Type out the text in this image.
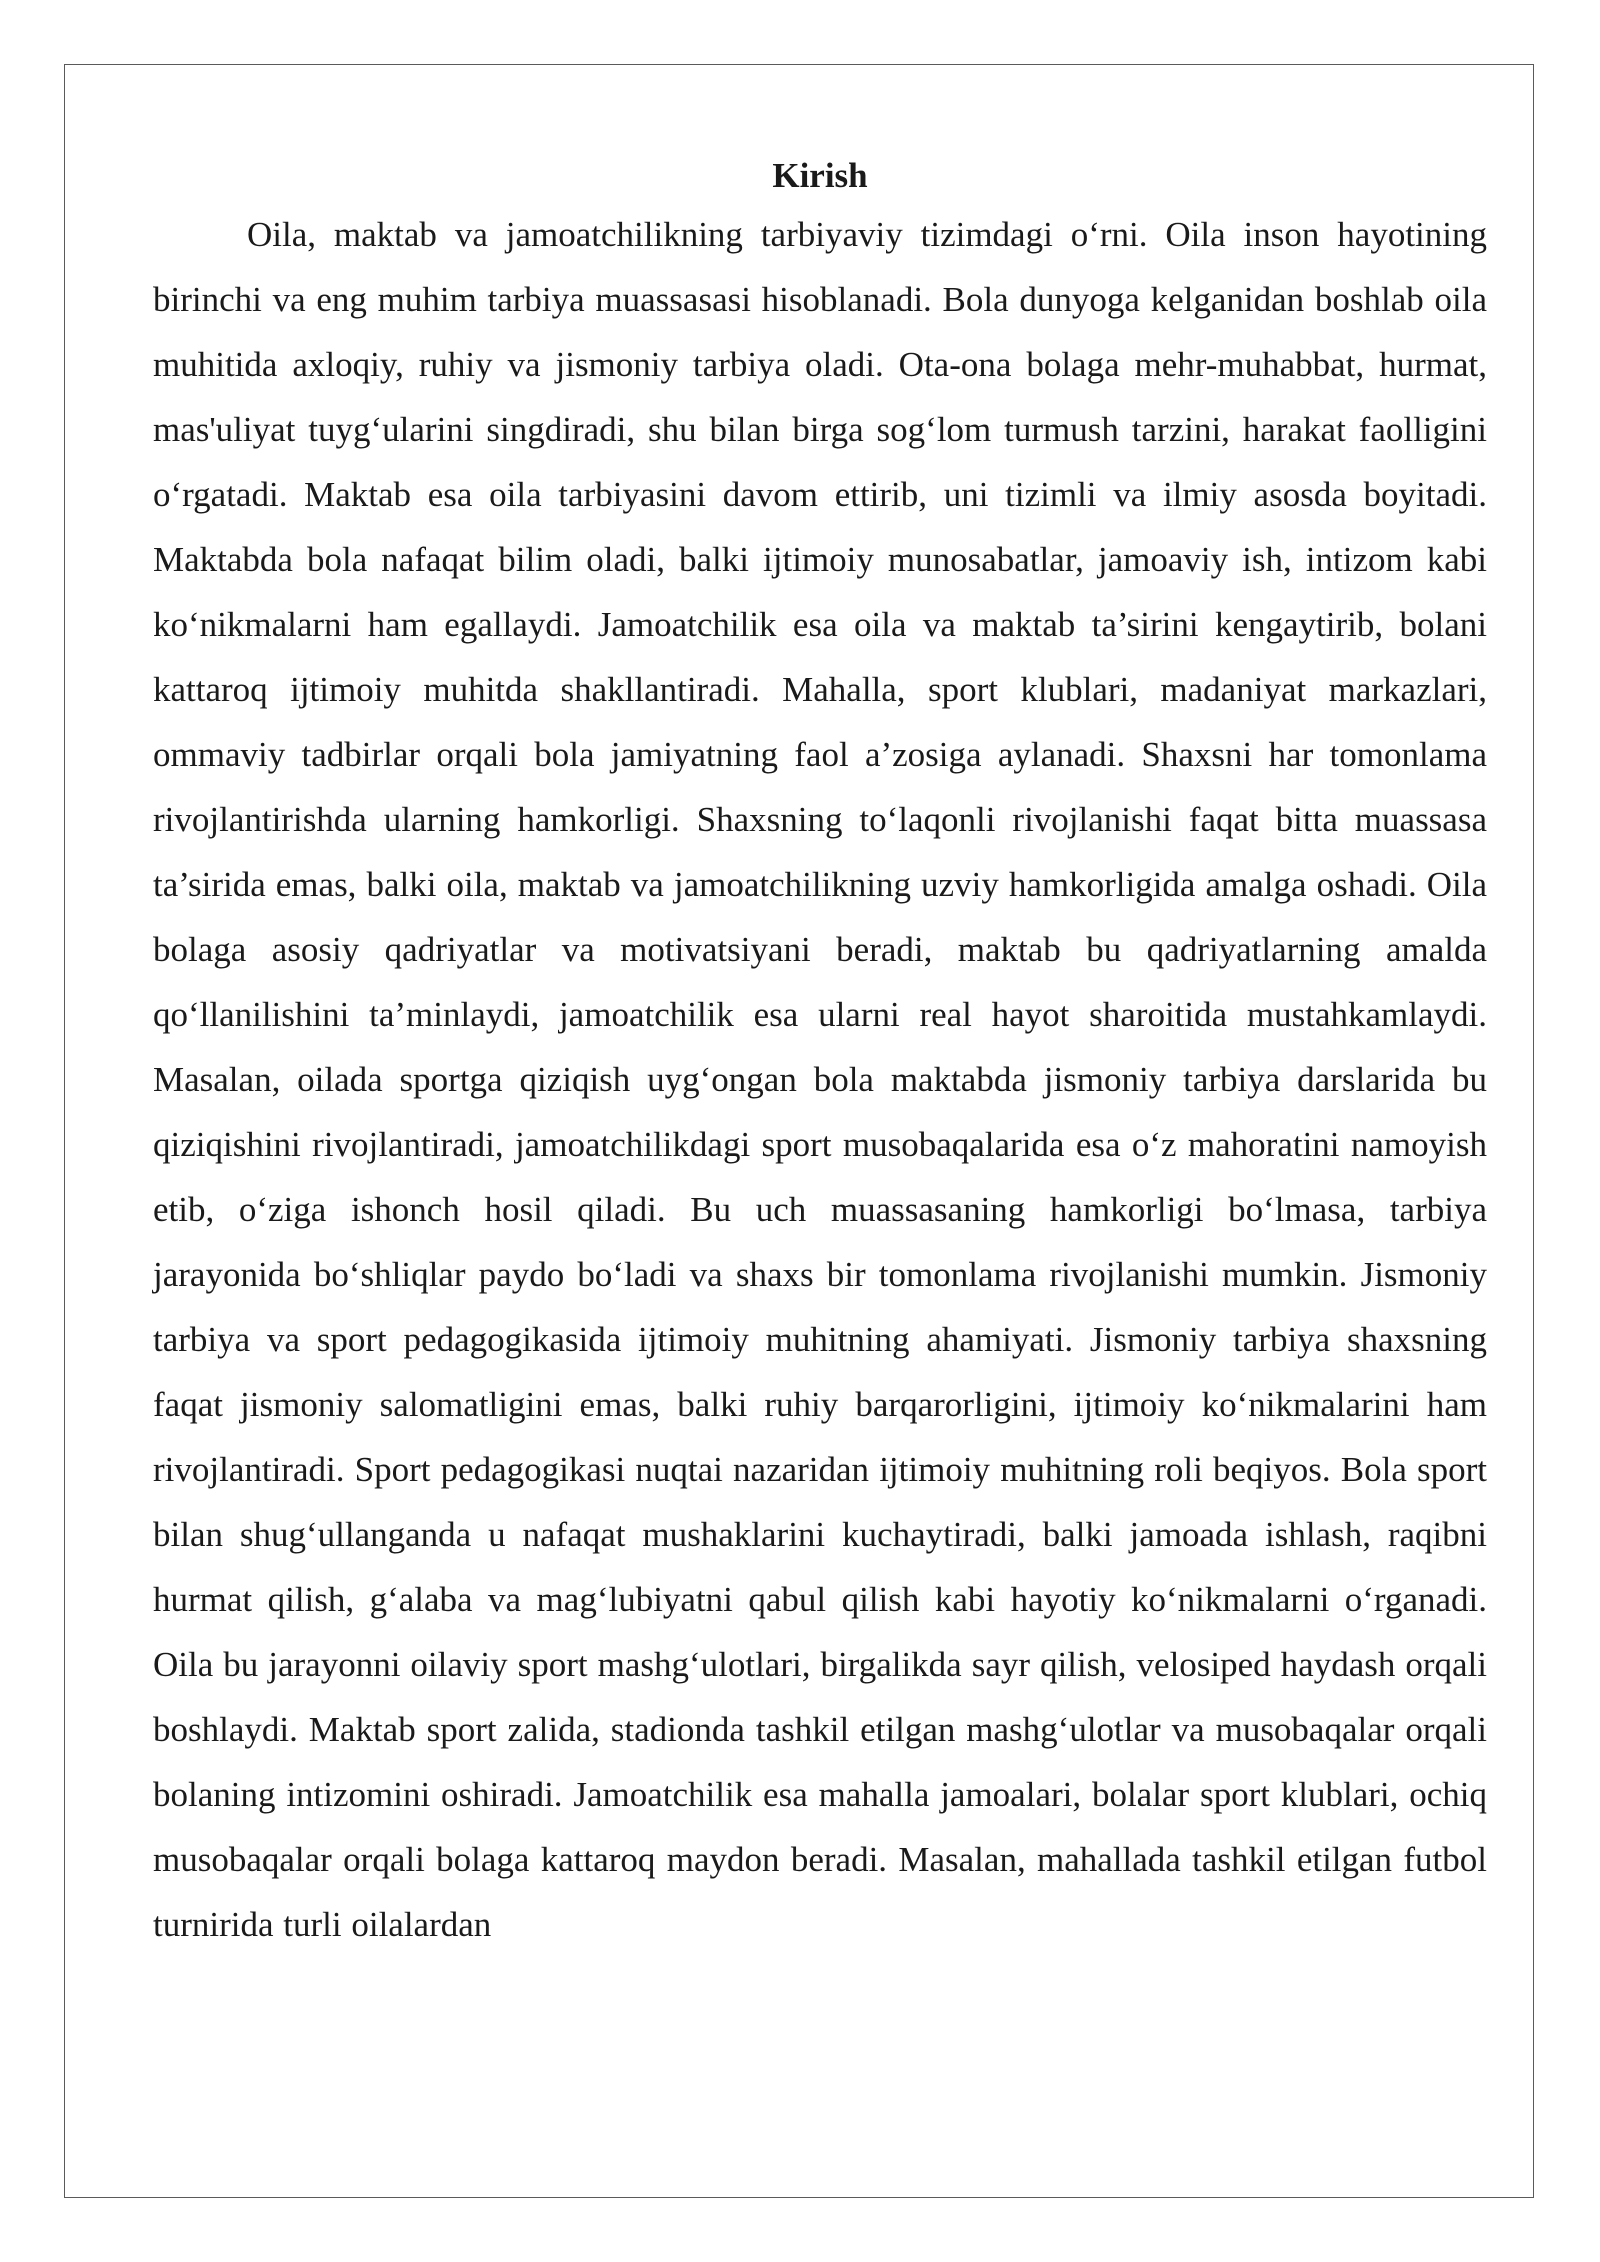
Kirish

Oila, maktab va jamoatchilikning tarbiyaviy tizimdagi o‘rni. Oila inson hayotining birinchi va eng muhim tarbiya muassasasi hisoblanadi. Bola dunyoga kelganidan boshlab oila muhitida axloqiy, ruhiy va jismoniy tarbiya oladi. Ota-ona bolaga mehr-muhabbat, hurmat, mas'uliyat tuyg‘ularini singdiradi, shu bilan birga sog‘lom turmush tarzini, harakat faolligini o‘rgatadi. Maktab esa oila tarbiyasini davom ettirib, uni tizimli va ilmiy asosda boyitadi. Maktabda bola nafaqat bilim oladi, balki ijtimoiy munosabatlar, jamoaviy ish, intizom kabi ko‘nikmalarni ham egallaydi. Jamoatchilik esa oila va maktab ta’sirini kengaytirib, bolani kattaroq ijtimoiy muhitda shakllantiradi. Mahalla, sport klublari, madaniyat markazlari, ommaviy tadbirlar orqali bola jamiyatning faol a’zosiga aylanadi. Shaxsni har tomonlama rivojlantirishda ularning hamkorligi. Shaxsning to‘laqonli rivojlanishi faqat bitta muassasa ta’sirida emas, balki oila, maktab va jamoatchilikning uzviy hamkorligida amalga oshadi. Oila bolaga asosiy qadriyatlar va motivatsiyani beradi, maktab bu qadriyatlarning amalda qo‘llanilishini ta’minlaydi, jamoatchilik esa ularni real hayot sharoitida mustahkamlaydi. Masalan, oilada sportga qiziqish uyg‘ongan bola maktabda jismoniy tarbiya darslarida bu qiziqishini rivojlantiradi, jamoatchilikdagi sport musobaqalarida esa o‘z mahoratini namoyish etib, o‘ziga ishonch hosil qiladi. Bu uch muassasaning hamkorligi bo‘lmasa, tarbiya jarayonida bo‘shliqlar paydo bo‘ladi va shaxs bir tomonlama rivojlanishi mumkin. Jismoniy tarbiya va sport pedagogikasida ijtimoiy muhitning ahamiyati. Jismoniy tarbiya shaxsning faqat jismoniy salomatligini emas, balki ruhiy barqarorligini, ijtimoiy ko‘nikmalarini ham rivojlantiradi. Sport pedagogikasi nuqtai nazaridan ijtimoiy muhitning roli beqiyos. Bola sport bilan shug‘ullanganda u nafaqat mushaklarini kuchaytiradi, balki jamoada ishlash, raqibni hurmat qilish, g‘alaba va mag‘lubiyatni qabul qilish kabi hayotiy ko‘nikmalarni o‘rganadi. Oila bu jarayonni oilaviy sport mashg‘ulotlari, birgalikda sayr qilish, velosiped haydash orqali boshlaydi. Maktab sport zalida, stadionda tashkil etilgan mashg‘ulotlar va musobaqalar orqali bolaning intizomini oshiradi. Jamoatchilik esa mahalla jamoalari, bolalar sport klublari, ochiq musobaqalar orqali bolaga kattaroq maydon beradi. Masalan, mahallada tashkil etilgan futbol turnirida turli oilalardan
